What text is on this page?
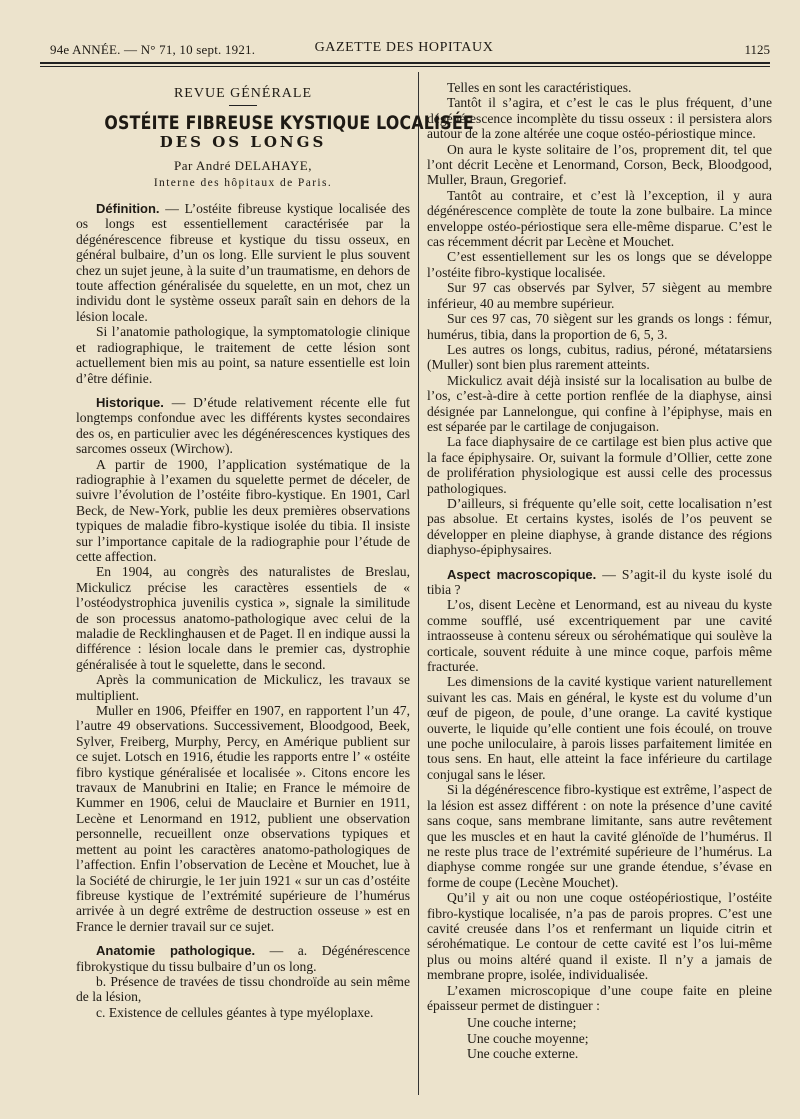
94e ANNÉE. — N° 71, 10 sept. 1921.	GAZETTE DES HOPITAUX	1125
REVUE GÉNÉRALE
OSTÉITE FIBREUSE KYSTIQUE LOCALISÉE
DES OS LONGS
Par André DELAHAYE,
Interne des hôpitaux de Paris.

Définition. — L’ostéite fibreuse kystique localisée des os longs est essentiellement caractérisée par la dégénérescence fibreuse et kystique du tissu osseux, en général bulbaire, d’un os long. Elle survient le plus souvent chez un sujet jeune, à la suite d’un traumatisme, en dehors de toute affection généralisée du squelette, en un mot, chez un individu dont le système osseux paraît sain en dehors de la lésion locale.

Si l’anatomie pathologique, la symptomatologie clinique et radiographique, le traitement de cette lésion sont actuellement bien mis au point, sa nature essentielle est loin d’être définie.

Historique. — D’étude relativement récente elle fut longtemps confondue avec les différents kystes secondaires des os, en particulier avec les dégénérescences kystiques des sarcomes osseux (Wirchow).

A partir de 1900, l’application systématique de la radiographie à l’examen du squelette permet de déceler, de suivre l’évolution de l’ostéite fibro-kystique. En 1901, Carl Beck, de New-York, publie les deux premières observations typiques de maladie fibro-kystique isolée du tibia. Il insiste sur l’importance capitale de la radiographie pour l’étude de cette affection.

En 1904, au congrès des naturalistes de Breslau, Mickulicz précise les caractères essentiels de « l’ostéodystrophica juvenilis cystica », signale la similitude de son processus anatomo-pathologique avec celui de la maladie de Recklinghausen et de Paget. Il en indique aussi la différence : lésion locale dans le premier cas, dystrophie généralisée à tout le squelette, dans le second.

Après la communication de Mickulicz, les travaux se multiplient.

Muller en 1906, Pfeiffer en 1907, en rapportent l’un 47, l’autre 49 observations. Successivement, Bloodgood, Beek, Sylver, Freiberg, Murphy, Percy, en Amérique publient sur ce sujet. Lotsch en 1916, étudie les rapports entre l’ « ostéite fibro kystique généralisée et localisée ». Citons encore les travaux de Manubrini en Italie; en France le mémoire de Kummer en 1906, celui de Mauclaire et Burnier en 1911, Lecène et Lenormand en 1912, publient une observation personnelle, recueillent onze observations typiques et mettent au point les caractères anatomo-pathologiques de l’affection. Enfin l’observation de Lecène et Mouchet, lue à la Société de chirurgie, le 1er juin 1921 « sur un cas d’ostéite fibreuse kystique de l’extrémité supérieure de l’humérus arrivée à un degré extrême de destruction osseuse » est en France le dernier travail sur ce sujet.

Anatomie pathologique. — a. Dégénérescence fibrokystique du tissu bulbaire d’un os long.

b. Présence de travées de tissu chondroïde au sein même de la lésion,

c. Existence de cellules géantes à type myéloplaxe.

Telles en sont les caractéristiques.

Tantôt il s’agira, et c’est le cas le plus fréquent, d’une dégénérescence incomplète du tissu osseux : il persistera alors autour de la zone altérée une coque ostéo-périostique mince.

On aura le kyste solitaire de l’os, proprement dit, tel que l’ont décrit Lecène et Lenormand, Corson, Beck, Bloodgood, Muller, Braun, Gregorief.

Tantôt au contraire, et c’est là l’exception, il y aura dégénérescence complète de toute la zone bulbaire. La mince enveloppe ostéo-périostique sera elle-même disparue. C’est le cas récemment décrit par Lecène et Mouchet.

C’est essentiellement sur les os longs que se développe l’ostéite fibro-kystique localisée.

Sur 97 cas observés par Sylver, 57 siègent au membre inférieur, 40 au membre supérieur.

Sur ces 97 cas, 70 siègent sur les grands os longs : fémur, humérus, tibia, dans la proportion de 6, 5, 3.

Les autres os longs, cubitus, radius, péroné, métatarsiens (Muller) sont bien plus rarement atteints.

Mickulicz avait déjà insisté sur la localisation au bulbe de l’os, c’est-à-dire à cette portion renflée de la diaphyse, ainsi désignée par Lannelongue, qui confine à l’épiphyse, mais en est séparée par le cartilage de conjugaison.

La face diaphysaire de ce cartilage est bien plus active que la face épiphysaire. Or, suivant la formule d’Ollier, cette zone de prolifération physiologique est aussi celle des processus pathologiques.

D’ailleurs, si fréquente qu’elle soit, cette localisation n’est pas absolue. Et certains kystes, isolés de l’os peuvent se développer en pleine diaphyse, à grande distance des régions diaphyso-épiphysaires.

Aspect macroscopique. — S’agit-il du kyste isolé du tibia ?

L’os, disent Lecène et Lenormand, est au niveau du kyste comme soufflé, usé excentriquement par une cavité intraosseuse à contenu séreux ou sérohématique qui soulève la corticale, souvent réduite à une mince coque, parfois même fracturée.

Les dimensions de la cavité kystique varient naturellement suivant les cas. Mais en général, le kyste est du volume d’un œuf de pigeon, de poule, d’une orange. La cavité kystique ouverte, le liquide qu’elle contient une fois écoulé, on trouve une poche uniloculaire, à parois lisses parfaitement limitée en tous sens. En haut, elle atteint la face inférieure du cartilage conjugal sans le léser.

Si la dégénérescence fibro-kystique est extrême, l’aspect de la lésion est assez différent : on note la présence d’une cavité sans coque, sans membrane limitante, sans autre revêtement que les muscles et en haut la cavité glénoïde de l’humérus. Il ne reste plus trace de l’extrémité supérieure de l’humérus. La diaphyse comme rongée sur une grande étendue, s’évase en forme de coupe (Lecène Mouchet).

Qu’il y ait ou non une coque ostéopériostique, l’ostéite fibro-kystique localisée, n’a pas de parois propres. C’est une cavité creusée dans l’os et renfermant un liquide citrin et sérohématique. Le contour de cette cavité est l’os lui-même plus ou moins altéré quand il existe. Il n’y a jamais de membrane propre, isolée, individualisée.

L’examen microscopique d’une coupe faite en pleine épaisseur permet de distinguer :

Une couche interne;
Une couche moyenne;
Une couche externe.
